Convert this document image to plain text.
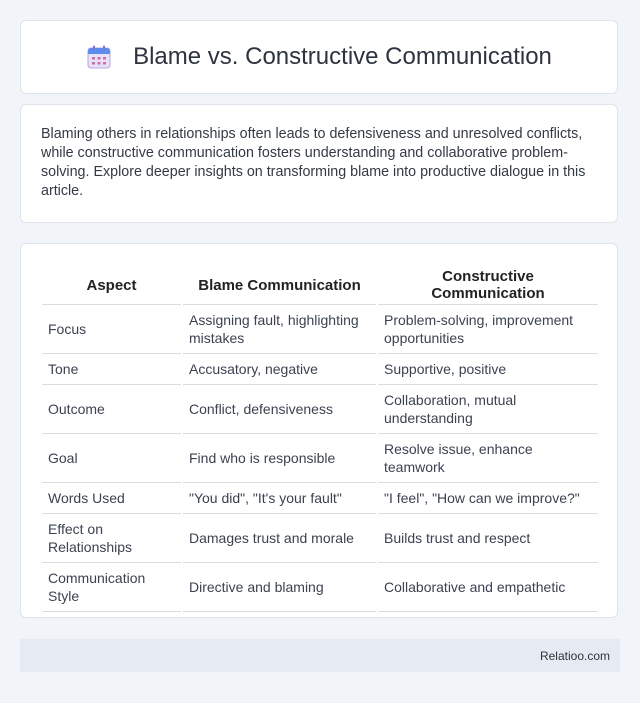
Blame vs. Constructive Communication

Blaming others in relationships often leads to defensiveness and unresolved conflicts, while constructive communication fosters understanding and collaborative problem-solving. Explore deeper insights on transforming blame into productive dialogue in this article.

Aspect	Blame Communication	Constructive Communication
Focus	Assigning fault, highlighting mistakes	Problem-solving, improvement opportunities
Tone	Accusatory, negative	Supportive, positive
Outcome	Conflict, defensiveness	Collaboration, mutual understanding
Goal	Find who is responsible	Resolve issue, enhance teamwork
Words Used	"You did", "It's your fault"	"I feel", "How can we improve?"
Effect on Relationships	Damages trust and morale	Builds trust and respect
Communication Style	Directive and blaming	Collaborative and empathetic
Relatioo.com
